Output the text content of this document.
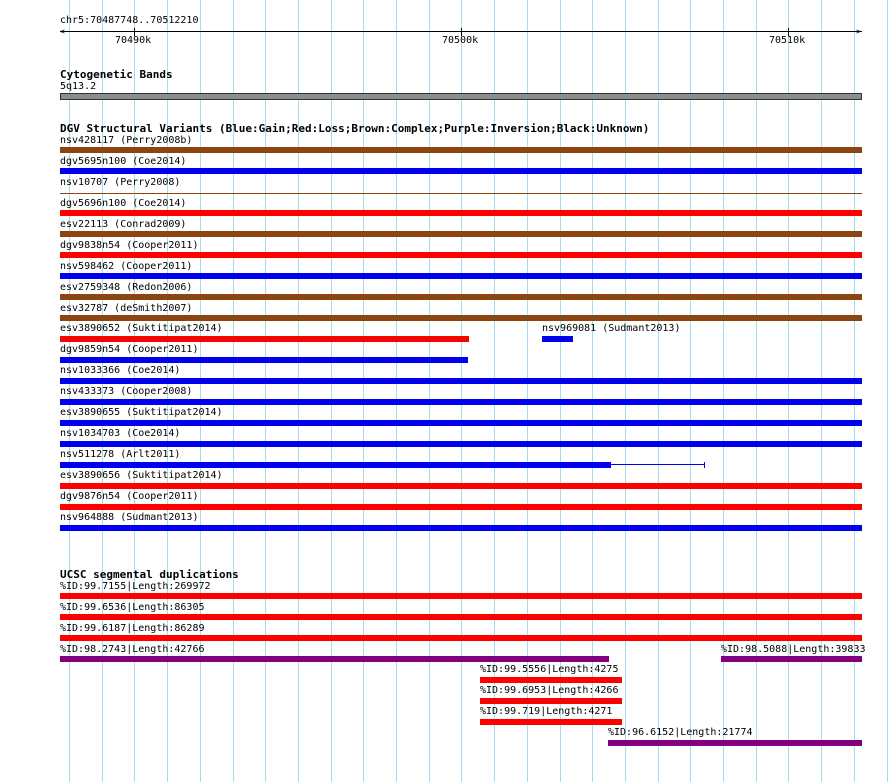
chr5:70487748..70512210
<	>
70490k	70500k	70510k
Cytogenetic Bands
5q13.2
DGV Structural Variants (Blue:Gain;Red:Loss;Brown:Complex;Purple:Inversion;Black:Unknown)
nsv428117 (Perry2008b)
dgv5695n100 (Coe2014)
nsv10707 (Perry2008)
dgv5696n100 (Coe2014)
esv22113 (Conrad2009)
dgv9838n54 (Cooper2011)
nsv598462 (Cooper2011)
esv2759348 (Redon2006)
esv32787 (deSmith2007)
esv3890652 (Suktitipat2014)	nsv969081 (Sudmant2013)
dgv9859n54 (Cooper2011)
nsv1033366 (Coe2014)
nsv433373 (Cooper2008)
esv3890655 (Suktitipat2014)
nsv1034703 (Coe2014)
nsv511278 (Arlt2011)
esv3890656 (Suktitipat2014)
dgv9876n54 (Cooper2011)
nsv964888 (Sudmant2013)
UCSC segmental duplications
%ID:99.7155|Length:269972
%ID:99.6536|Length:86305
%ID:99.6187|Length:86289
%ID:98.2743|Length:42766	%ID:98.5088|Length:39833
%ID:99.5556|Length:4275
%ID:99.6953|Length:4266
%ID:99.719|Length:4271
%ID:96.6152|Length:21774
